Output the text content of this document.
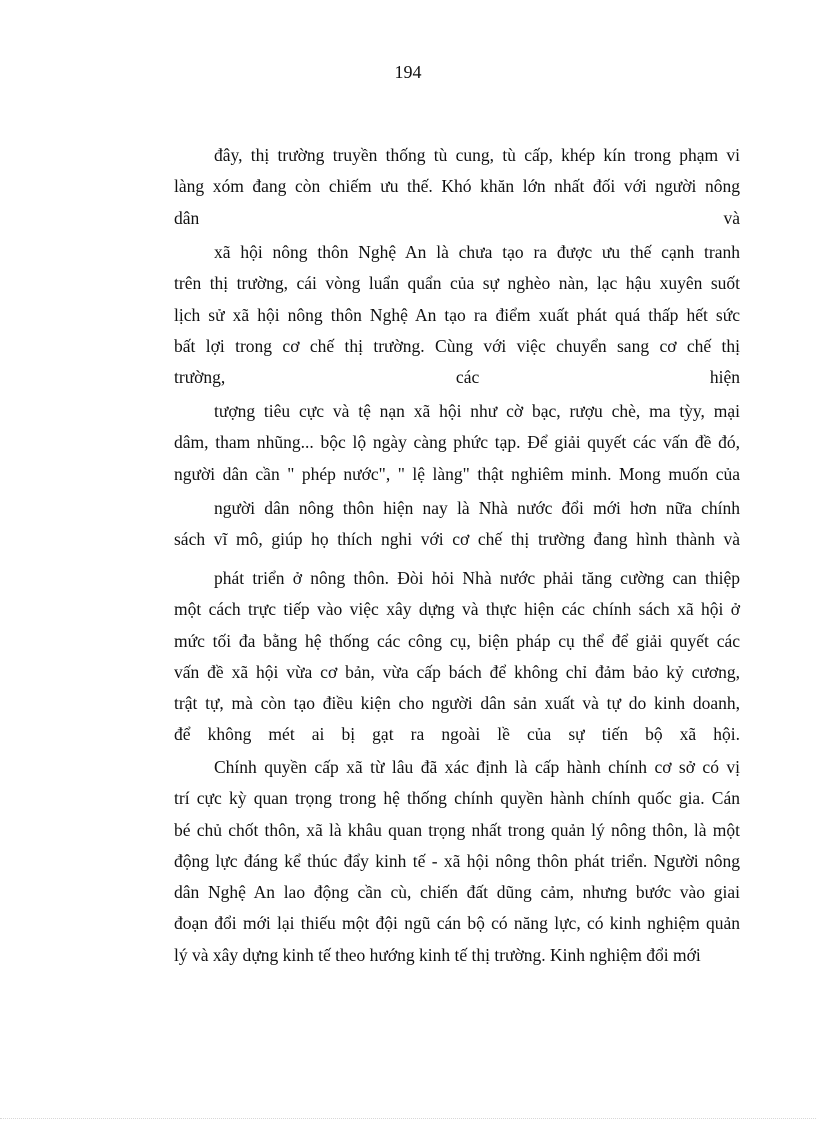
194
đây, thị trường truyền thống tù cung, tù cấp, khép kín trong phạm vi
làng xóm đang còn chiếm ưu thế. Khó khăn lớn nhất đối với người nông
dân                                                                              và
xã hội nông thôn Nghệ An là chưa tạo ra được ưu thế cạnh tranh
trên thị trường, cái vòng luẩn quẩn của sự nghèo nàn, lạc hậu xuyên suốt
lịch sử xã hội nông thôn Nghệ An tạo ra điểm xuất phát quá thấp hết sức
bất lợi trong cơ chế thị trường. Cùng với việc chuyển sang cơ chế thị
trường,                          các                          hiện
tượng tiêu cực và tệ nạn xã hội như cờ bạc, rượu chè, ma tỳy, mại
dâm, tham nhũng... bộc lộ ngày càng phức tạp. Để giải quyết các vấn đề đó,
người dân cần " phép nước", " lệ làng" thật nghiêm minh. Mong muốn của
người dân nông thôn hiện nay là Nhà nước đổi mới hơn nữa chính
sách vĩ mô, giúp họ thích nghi với cơ chế thị trường đang hình thành và
phát triển ở nông thôn. Đòi hỏi Nhà nước phải tăng cường can thiệp
một cách trực tiếp vào việc xây dựng và thực hiện các chính sách xã hội ở
mức tối đa bằng hệ thống các công cụ, biện pháp cụ thể để giải quyết các
vấn đề xã hội vừa cơ bản, vừa cấp bách để không chỉ đảm bảo kỷ cương,
trật tự, mà còn tạo điều kiện cho người dân sản xuất và tự do kinh doanh,
để không mét ai bị gạt ra ngoài lề của sự tiến bộ xã hội.
Chính quyền cấp xã từ lâu đã xác định là cấp hành chính cơ sở có vị
trí cực kỳ quan trọng trong hệ thống chính quyền hành chính quốc gia. Cán
bé chủ chốt thôn, xã là khâu quan trọng nhất trong quản lý nông thôn, là một
động lực đáng kể thúc đẩy kinh tế - xã hội nông thôn phát triển. Người nông
dân Nghệ An lao động cần cù, chiến đất dũng cảm, nhưng bước vào giai
đoạn đổi mới lại thiếu một đội ngũ cán bộ có năng lực, có kinh nghiệm quản
lý và xây dựng kinh tế theo hướng kinh tế thị trường. Kinh nghiệm đổi mới
